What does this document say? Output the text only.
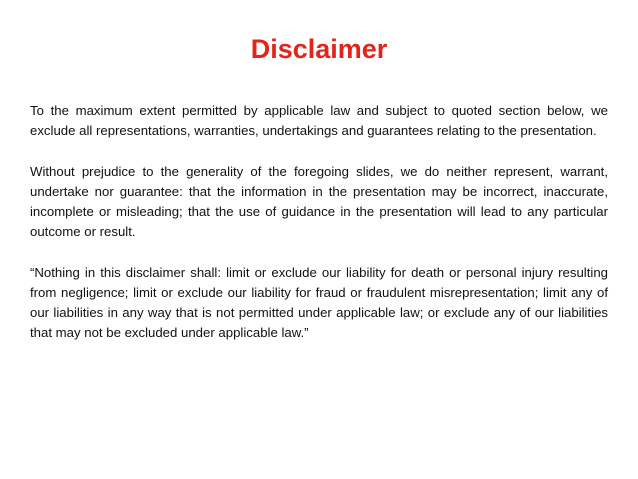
Disclaimer

To the maximum extent permitted by applicable law and subject to quoted section below, we exclude all representations, warranties, undertakings and guarantees relating to the presentation.

Without prejudice to the generality of the foregoing slides, we do neither represent, warrant, undertake nor guarantee: that the information in the presentation may be incorrect, inaccurate, incomplete or misleading; that the use of guidance in the presentation will lead to any particular outcome or result.

“Nothing in this disclaimer shall: limit or exclude our liability for death or personal injury resulting from negligence; limit or exclude our liability for fraud or fraudulent misrepresentation; limit any of our liabilities in any way that is not permitted under applicable law; or exclude any of our liabilities that may not be excluded under applicable law.”
